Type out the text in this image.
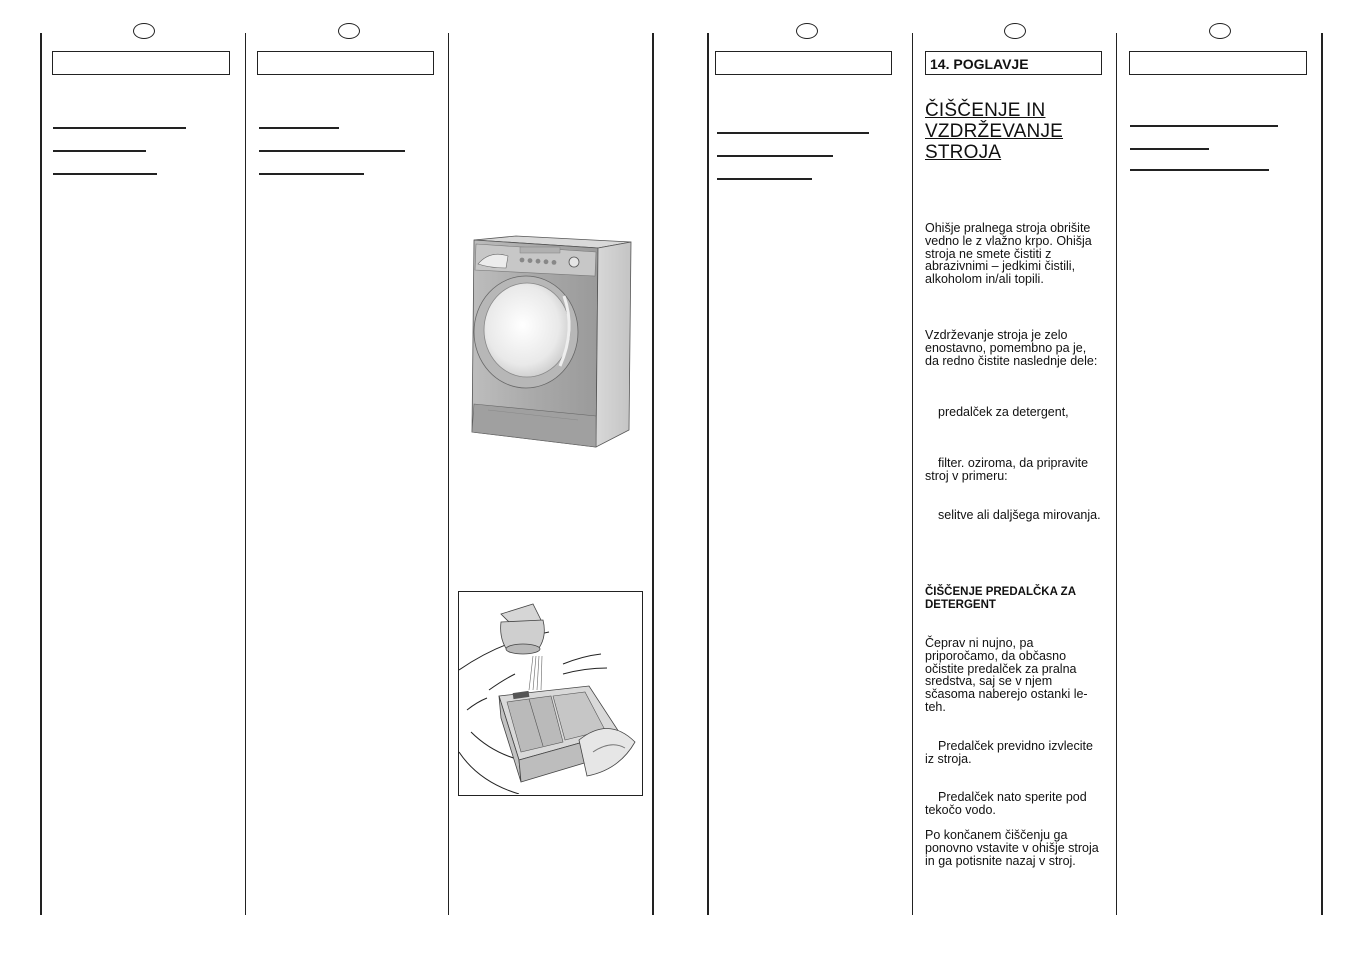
14. POGLAVJE
ČIŠČENJE IN VZDRŽEVANJE STROJA
Ohišje pralnega stroja obrišite vedno le z vlažno krpo. Ohišja stroja ne smete čistiti z abrazivnimi – jedkimi čistili, alkoholom in/ali topili.
Vzdrževanje stroja je zelo enostavno, pomembno pa je, da redno čistite naslednje dele:
predalček za detergent,
filter. oziroma, da pripravite stroj v primeru:
selitve ali daljšega mirovanja.
ČIŠČENJE PREDALČKA ZA DETERGENT
Čeprav ni nujno, pa priporočamo, da občasno očistite predalček za pralna sredstva, saj se v njem sčasoma naberejo ostanki le-teh.
Predalček previdno izvlecite iz stroja.
Predalček nato sperite pod tekočo vodo.
Po končanem čiščenju ga ponovno vstavite v ohišje stroja in ga potisnite nazaj v stroj.
